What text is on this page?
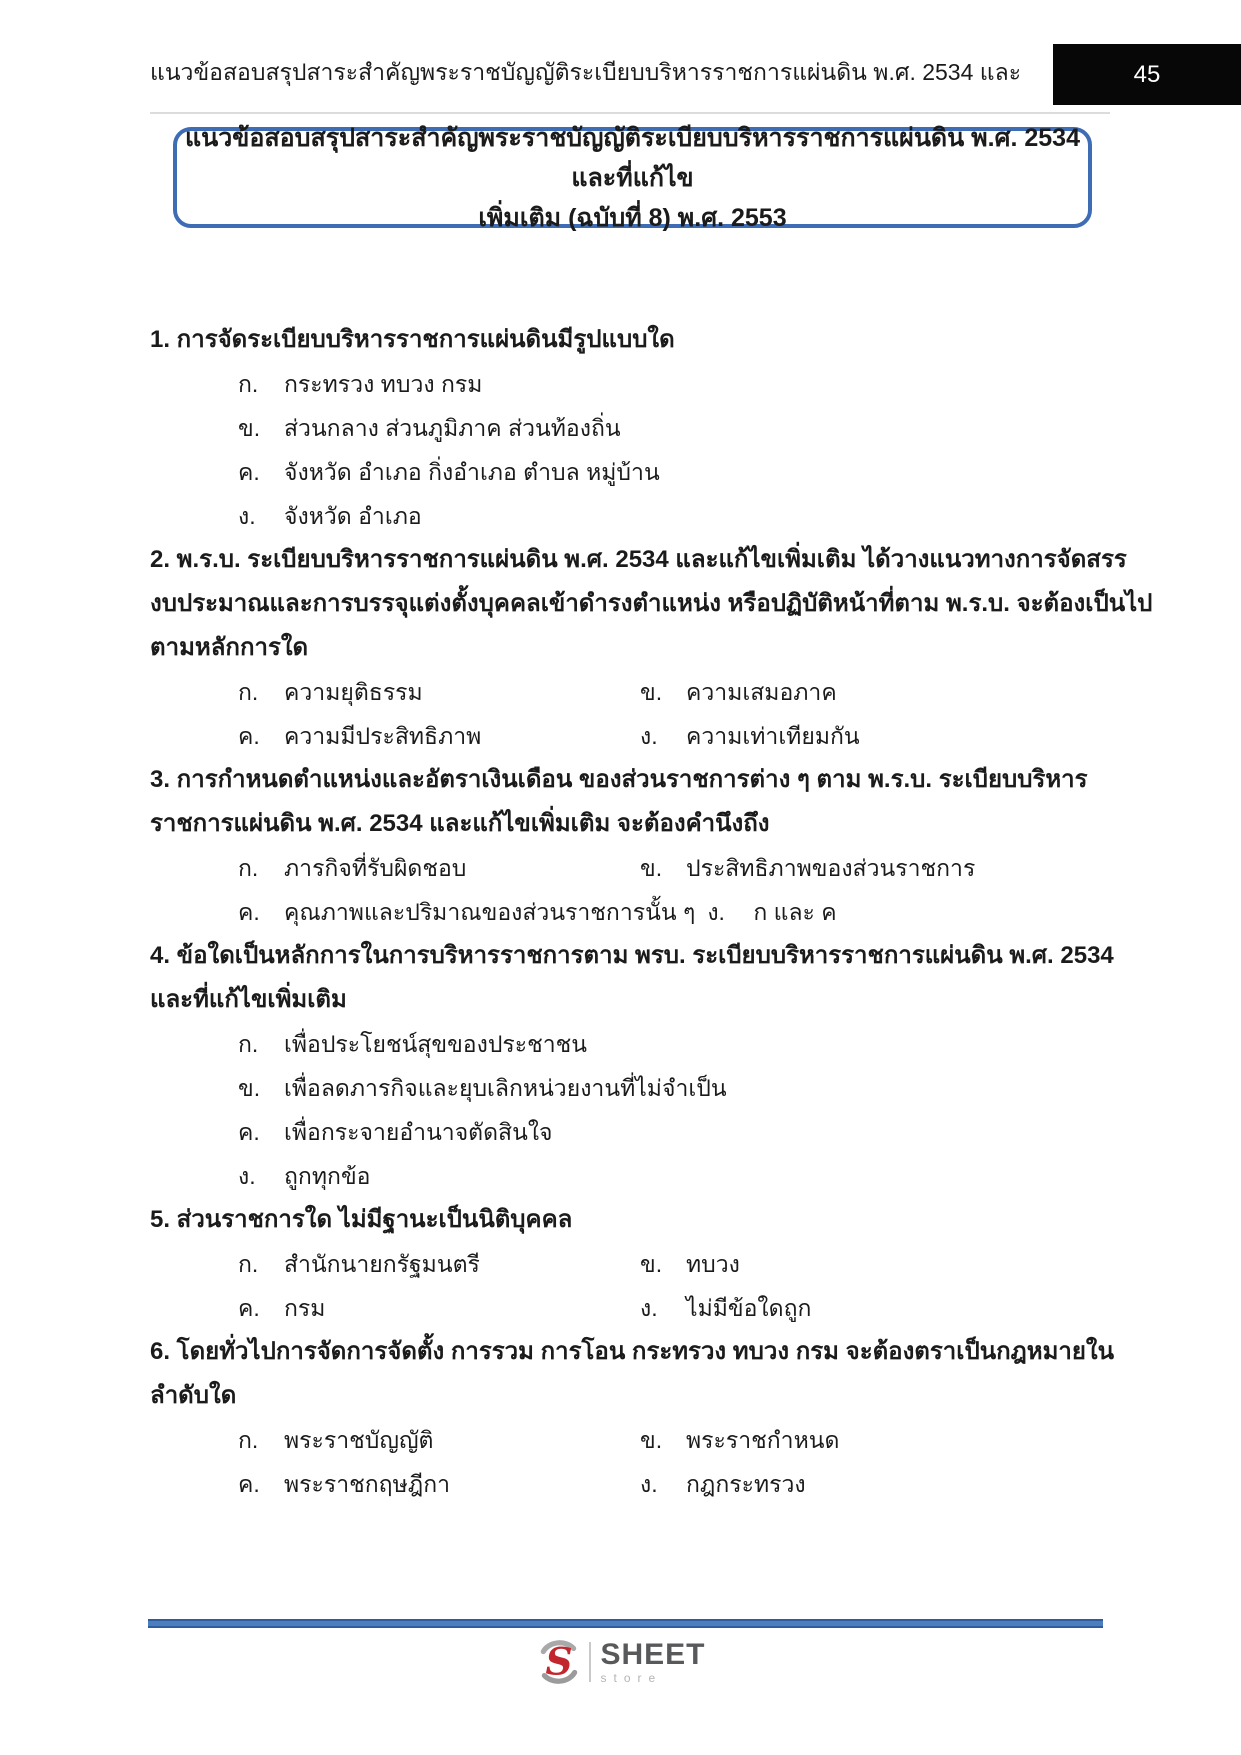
แนวข้อสอบสรุปสาระสำคัญพระราชบัญญัติระเบียบบริหารราชการแผ่นดิน พ.ศ. 2534 และ	45
แนวข้อสอบสรุปสาระสำคัญพระราชบัญญัติระเบียบบริหารราชการแผ่นดิน พ.ศ. 2534 และที่แก้ไข
เพิ่มเติม (ฉบับที่ 8) พ.ศ. 2553
1. การจัดระเบียบบริหารราชการแผ่นดินมีรูปแบบใด
ก. กระทรวง ทบวง กรม
ข. ส่วนกลาง ส่วนภูมิภาค ส่วนท้องถิ่น
ค. จังหวัด อำเภอ กิ่งอำเภอ ตำบล หมู่บ้าน
ง. จังหวัด อำเภอ
2. พ.ร.บ. ระเบียบบริหารราชการแผ่นดิน พ.ศ. 2534 และแก้ไขเพิ่มเติม ได้วางแนวทางการจัดสรร
งบประมาณและการบรรจุแต่งตั้งบุคคลเข้าดำรงตำแหน่ง หรือปฏิบัติหน้าที่ตาม พ.ร.บ. จะต้องเป็นไป
ตามหลักการใด
ก. ความยุติธรรม	ข. ความเสมอภาค
ค. ความมีประสิทธิภาพ	ง. ความเท่าเทียมกัน
3. การกำหนดตำแหน่งและอัตราเงินเดือน ของส่วนราชการต่าง ๆ ตาม พ.ร.บ. ระเบียบบริหาร
ราชการแผ่นดิน พ.ศ. 2534 และแก้ไขเพิ่มเติม จะต้องคำนึงถึง
ก. ภารกิจที่รับผิดชอบ	ข. ประสิทธิภาพของส่วนราชการ
ค. คุณภาพและปริมาณของส่วนราชการนั้น ๆ ง. ก และ ค
4. ข้อใดเป็นหลักการในการบริหารราชการตาม พรบ. ระเบียบบริหารราชการแผ่นดิน พ.ศ. 2534
และที่แก้ไขเพิ่มเติม
ก. เพื่อประโยชน์สุขของประชาชน
ข. เพื่อลดภารกิจและยุบเลิกหน่วยงานที่ไม่จำเป็น
ค. เพื่อกระจายอำนาจตัดสินใจ
ง. ถูกทุกข้อ
5. ส่วนราชการใด ไม่มีฐานะเป็นนิติบุคคล
ก. สำนักนายกรัฐมนตรี	ข. ทบวง
ค. กรม	ง. ไม่มีข้อใดถูก
6. โดยทั่วไปการจัดการจัดตั้ง การรวม การโอน กระทรวง ทบวง กรม จะต้องตราเป็นกฎหมายใน
ลำดับใด
ก. พระราชบัญญัติ	ข. พระราชกำหนด
ค. พระราชกฤษฎีกา	ง. กฎกระทรวง
S SHEET
store
